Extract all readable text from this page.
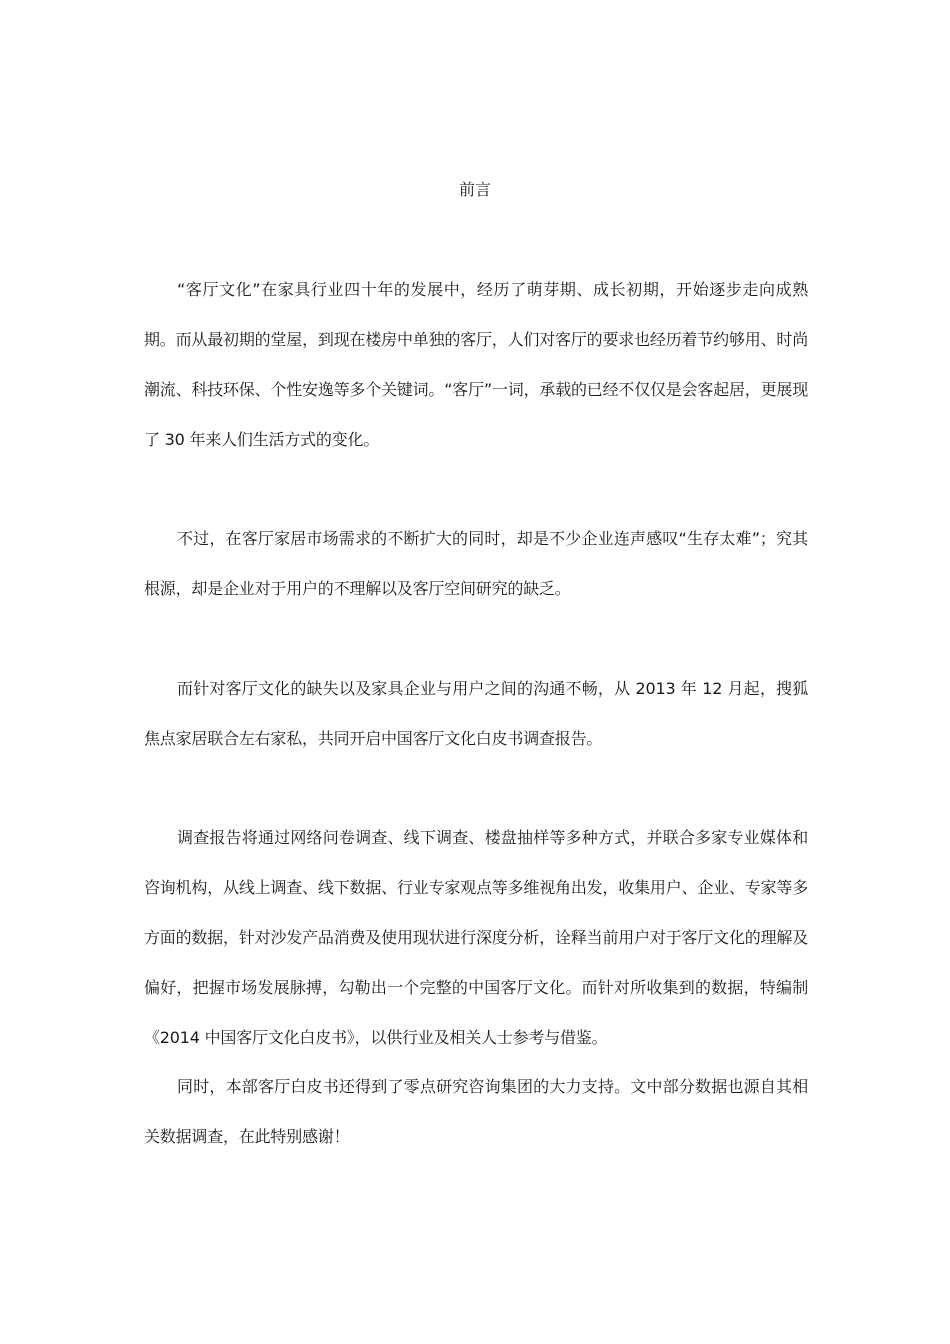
前言

“客厅文化”在家具行业四十年的发展中，经历了萌芽期、成长初期，开始逐步走向成熟期。而从最初期的堂屋，到现在楼房中单独的客厅，人们对客厅的要求也经历着节约够用、时尚潮流、科技环保、个性安逸等多个关键词。“客厅”一词，承载的已经不仅仅是会客起居，更展现了 30 年来人们生活方式的变化。

不过，在客厅家居市场需求的不断扩大的同时，却是不少企业连声感叹“生存太难”；究其根源，却是企业对于用户的不理解以及客厅空间研究的缺乏。

而针对客厅文化的缺失以及家具企业与用户之间的沟通不畅，从 2013 年 12 月起，搜狐焦点家居联合左右家私，共同开启中国客厅文化白皮书调查报告。

调查报告将通过网络问卷调查、线下调查、楼盘抽样等多种方式，并联合多家专业媒体和咨询机构，从线上调查、线下数据、行业专家观点等多维视角出发，收集用户、企业、专家等多方面的数据，针对沙发产品消费及使用现状进行深度分析，诠释当前用户对于客厅文化的理解及偏好，把握市场发展脉搏，勾勒出一个完整的中国客厅文化。而针对所收集到的数据，特编制《2014 中国客厅文化白皮书》，以供行业及相关人士参考与借鉴。

同时，本部客厅白皮书还得到了零点研究咨询集团的大力支持。文中部分数据也源自其相关数据调查，在此特别感谢！
